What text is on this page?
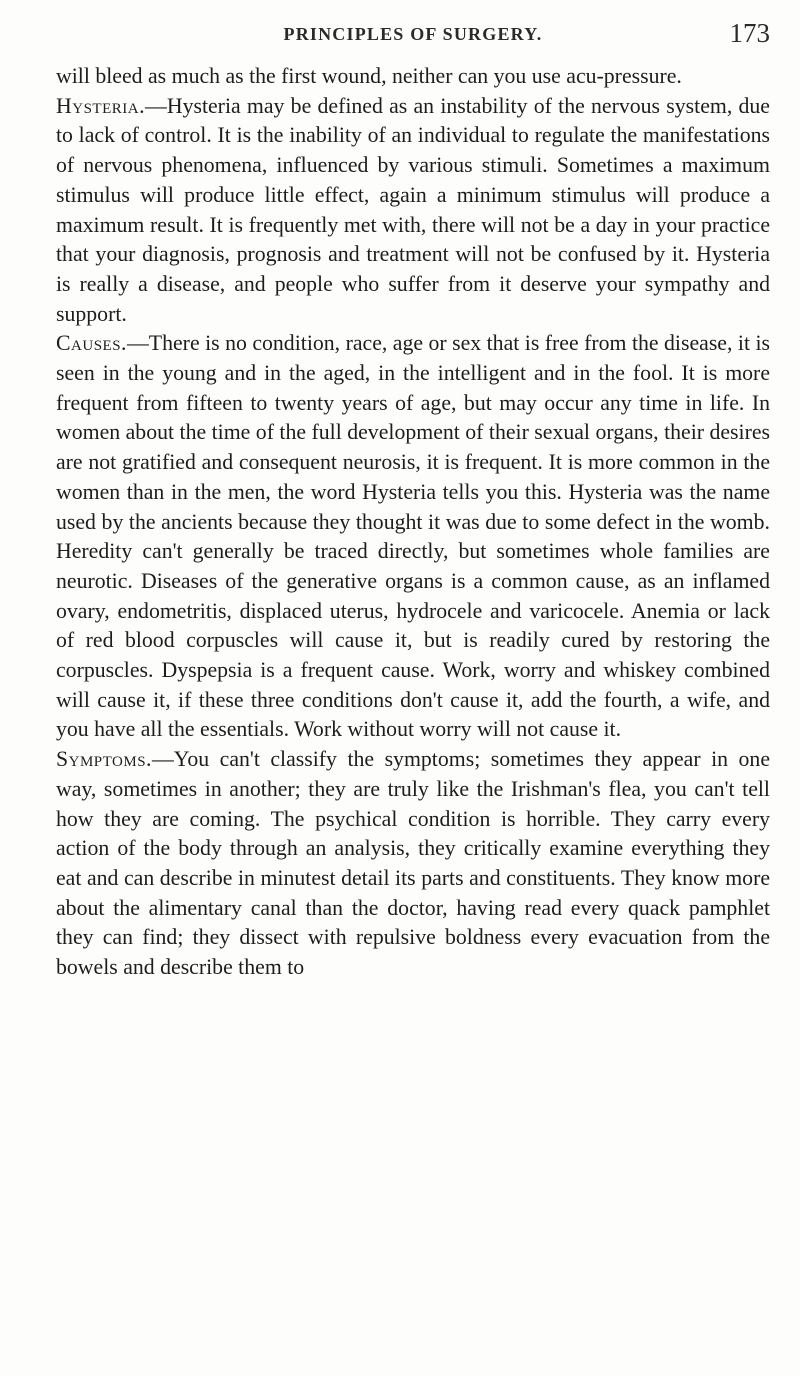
PRINCIPLES OF SURGERY.	173

will bleed as much as the first wound, neither can you use acu-pressure.

Hysteria.—Hysteria may be defined as an instability of the nervous system, due to lack of control. It is the inability of an individual to regulate the manifestations of nervous phenomena, influenced by various stimuli. Sometimes a maximum stimulus will produce little effect, again a minimum stimulus will produce a maximum result. It is frequently met with, there will not be a day in your practice that your diagnosis, prognosis and treatment will not be confused by it. Hysteria is really a disease, and people who suffer from it deserve your sympathy and support.

Causes.—There is no condition, race, age or sex that is free from the disease, it is seen in the young and in the aged, in the intelligent and in the fool. It is more frequent from fifteen to twenty years of age, but may occur any time in life. In women about the time of the full development of their sexual organs, their desires are not gratified and consequent neurosis, it is frequent. It is more common in the women than in the men, the word Hysteria tells you this. Hysteria was the name used by the ancients because they thought it was due to some defect in the womb. Heredity can't generally be traced directly, but sometimes whole families are neurotic. Diseases of the generative organs is a common cause, as an inflamed ovary, endometritis, displaced uterus, hydrocele and varicocele. Anemia or lack of red blood corpuscles will cause it, but is readily cured by restoring the corpuscles. Dyspepsia is a frequent cause. Work, worry and whiskey combined will cause it, if these three conditions don't cause it, add the fourth, a wife, and you have all the essentials. Work without worry will not cause it.

Symptoms.—You can't classify the symptoms; sometimes they appear in one way, sometimes in another; they are truly like the Irishman's flea, you can't tell how they are coming. The psychical condition is horrible. They carry every action of the body through an analysis, they critically examine everything they eat and can describe in minutest detail its parts and constituents. They know more about the alimentary canal than the doctor, having read every quack pamphlet they can find; they dissect with repulsive boldness every evacuation from the bowels and describe them to
